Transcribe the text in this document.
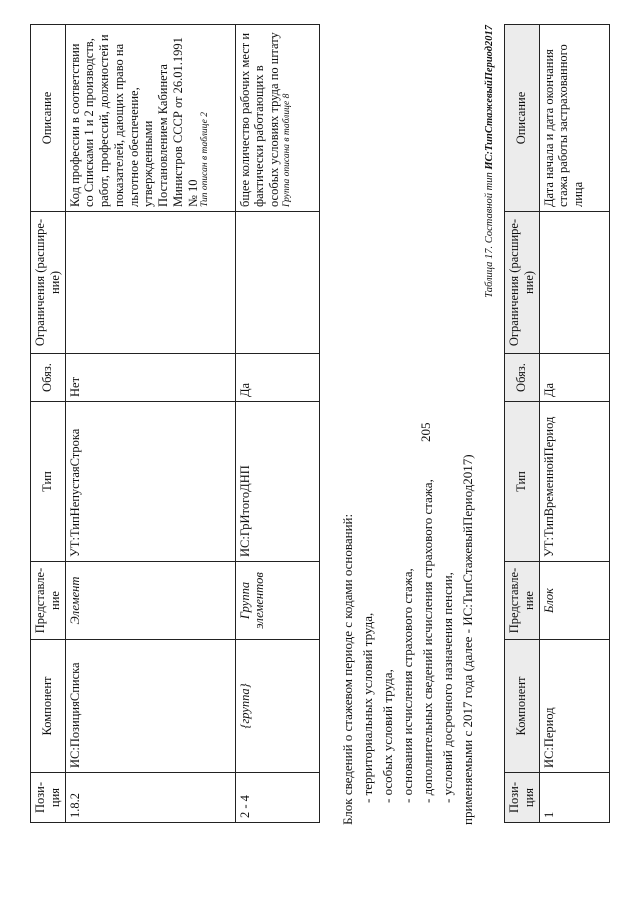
205
Пози-ция	Компонент	Представле-ние	Тип	Обяз.	Ограничения (расшире-ние)	Описание
1.8.2	ИС:ПозицияСписка	Элемент	УТ:ТипНепустаяСтрока	Нет		Код профессии в соответствии со Списками 1 и 2 производств, работ, профессий, должностей и показателей, дающих право на льготное обеспечение, утвержденными Постановлением Кабинета Министров СССР от 26.01.1991 № 10 Тип описан в таблице 2

2 - 4	{группа}	Группа элементов	ИС:ГрИтогоДНП	Да		бщее количество рабочих мест и фактически работающих в особых условиях труда по штату Группа описана в таблице 8
Блок сведений о стажевом периоде с кодами оснований: - территориальных условий труда, - особых условий труда, - основания исчисления страхового стажа, - дополнительных сведений исчисления страхового стажа, - условий досрочного назначения пенсии, применяемыми с 2017 года (далее - ИС:ТипСтажевыйПериод2017)
Таблица 17. Составной тип ИС:ТипСтажевыйПериод2017
Пози-ция	Компонент	Представле-ние	Тип	Обяз.	Ограничения (расшире-ние)	Описание
1	ИС:Период	Блок	УТ:ТипВременнойПериод	Да		Дата начала и дата окончания стажа работы застрахованного лица
